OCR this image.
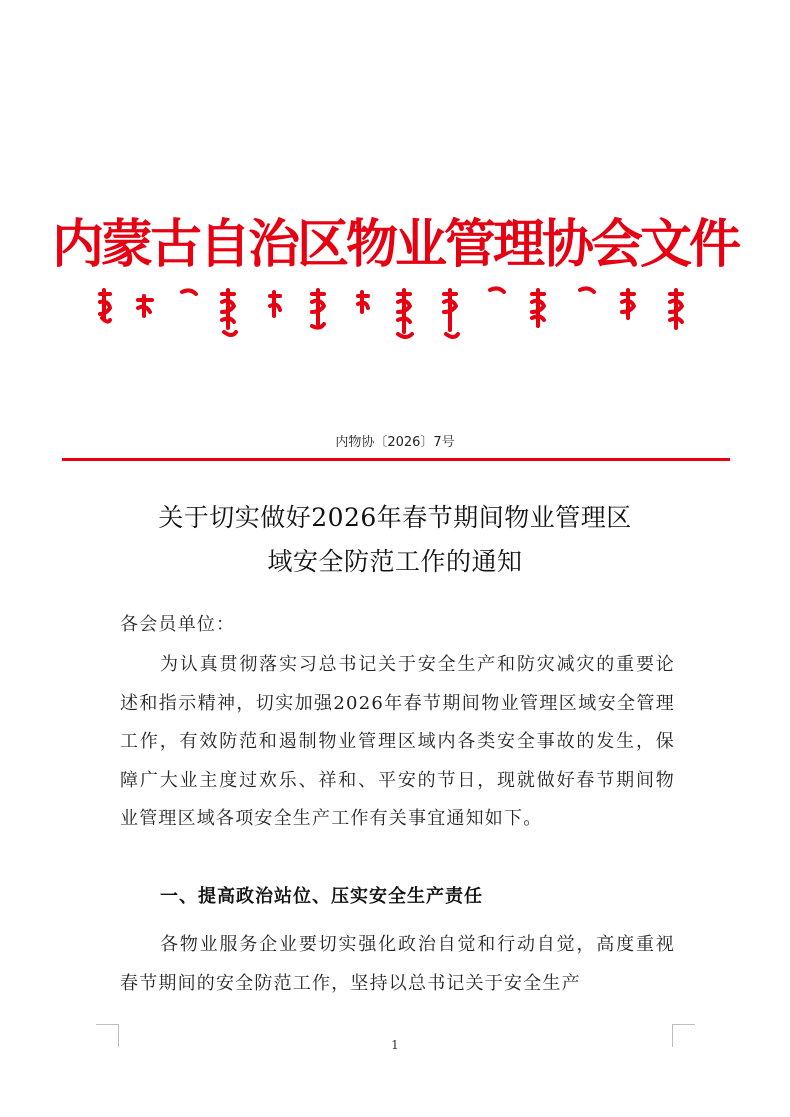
内蒙古自治区物业管理协会文件
内物协〔2026〕7号
关于切实做好2026年春节期间物业管理区
域安全防范工作的通知

各会员单位：

为认真贯彻落实习总书记关于安全生产和防灾减灾的重要论述和指示精神，切实加强2026年春节期间物业管理区域安全管理工作，有效防范和遏制物业管理区域内各类安全事故的发生，保障广大业主度过欢乐、祥和、平安的节日，现就做好春节期间物业管理区域各项安全生产工作有关事宜通知如下。

一、提高政治站位、压实安全生产责任

各物业服务企业要切实强化政治自觉和行动自觉，高度重视春节期间的安全防范工作，坚持以总书记关于安全生产

1
